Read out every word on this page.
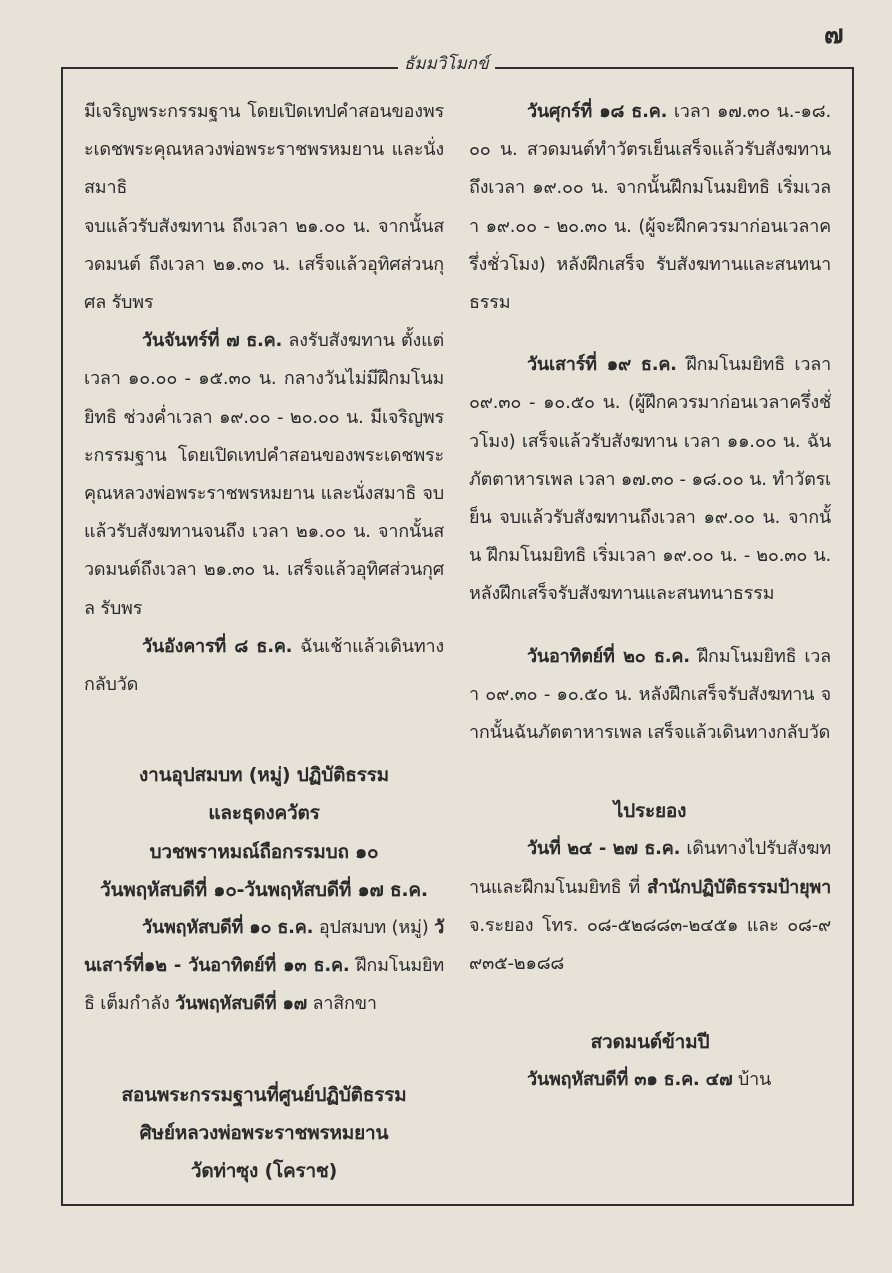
๗
ธัมมวิโมกข์

มีเจริญพระกรรมฐาน โดยเปิดเทปคำสอนของพระเดชพระคุณหลวงพ่อพระราชพรหมยาน และนั่งสมาธิ

จบแล้วรับสังฆทาน ถึงเวลา ๒๑.๐๐ น. จากนั้นสวดมนต์ ถึงเวลา ๒๑.๓๐ น. เสร็จแล้วอุทิศส่วนกุศล รับพร

วันจันทร์ที่ ๗ ธ.ค. ลงรับสังฆทาน ตั้งแต่เวลา ๑๐.๐๐ - ๑๕.๓๐ น. กลางวันไม่มีฝึกมโนมยิทธิ ช่วงค่ำเวลา ๑๙.๐๐ - ๒๐.๐๐ น. มีเจริญพระกรรมฐาน โดยเปิดเทปคำสอนของพระเดชพระคุณหลวงพ่อพระราชพรหมยาน และนั่งสมาธิ จบแล้วรับสังฆทานจนถึง เวลา ๒๑.๐๐ น. จากนั้นสวดมนต์ถึงเวลา ๒๑.๓๐ น. เสร็จแล้วอุทิศส่วนกุศล รับพร

วันอังคารที่ ๘ ธ.ค. ฉันเช้าแล้วเดินทางกลับวัด

งานอุปสมบท (หมู่) ปฏิบัติธรรม

และธุดงควัตร

บวชพราหมณ์ถือกรรมบถ ๑๐

วันพฤหัสบดีที่ ๑๐-วันพฤหัสบดีที่ ๑๗ ธ.ค.

วันพฤหัสบดีที่ ๑๐ ธ.ค. อุปสมบท (หมู่) วันเสาร์ที่๑๒ - วันอาทิตย์ที่ ๑๓ ธ.ค. ฝึกมโนมยิทธิ เต็มกำลัง วันพฤหัสบดีที่ ๑๗ ลาสิกขา

สอนพระกรรมฐานที่ศูนย์ปฏิบัติธรรม

ศิษย์หลวงพ่อพระราชพรหมยาน

วัดท่าซุง (โคราช)

วันศุกร์ที่ ๑๘ ธ.ค. เวลา ๑๗.๓๐ น.-๑๘.๐๐ น. สวดมนต์ทำวัตรเย็นเสร็จแล้วรับสังฆทานถึงเวลา ๑๙.๐๐ น. จากนั้นฝึกมโนมยิทธิ เริ่มเวลา ๑๙.๐๐ - ๒๐.๓๐ น. (ผู้จะฝึกควรมาก่อนเวลาครึ่งชั่วโมง) หลังฝึกเสร็จ รับสังฆทานและสนทนาธรรม

วันเสาร์ที่ ๑๙ ธ.ค. ฝึกมโนมยิทธิ เวลา ๐๙.๓๐ - ๑๐.๕๐ น. (ผู้ฝึกควรมาก่อนเวลาครึ่งชั่วโมง) เสร็จแล้วรับสังฆทาน เวลา ๑๑.๐๐ น. ฉันภัตตาหารเพล เวลา ๑๗.๓๐ - ๑๘.๐๐ น. ทำวัตรเย็น จบแล้วรับสังฆทานถึงเวลา ๑๙.๐๐ น. จากนั้น ฝึกมโนมยิทธิ เริ่มเวลา ๑๙.๐๐ น. - ๒๐.๓๐ น. หลังฝึกเสร็จรับสังฆทานและสนทนาธรรม

วันอาทิตย์ที่ ๒๐ ธ.ค. ฝึกมโนมยิทธิ เวลา ๐๙.๓๐ - ๑๐.๕๐ น. หลังฝึกเสร็จรับสังฆทาน จากนั้นฉันภัตตาหารเพล เสร็จแล้วเดินทางกลับวัด

ไประยอง

วันที่ ๒๔ - ๒๗ ธ.ค. เดินทางไปรับสังฆทานและฝึกมโนมยิทธิ ที่ สำนักปฏิบัติธรรมป้ายุพา จ.ระยอง โทร. ๐๘-๕๒๘๘๓-๒๔๕๑ และ ๐๘-๙๙๓๕-๒๑๘๘

สวดมนต์ข้ามปี

วันพฤหัสบดีที่ ๓๑ ธ.ค. ๔๗ บ้าน
